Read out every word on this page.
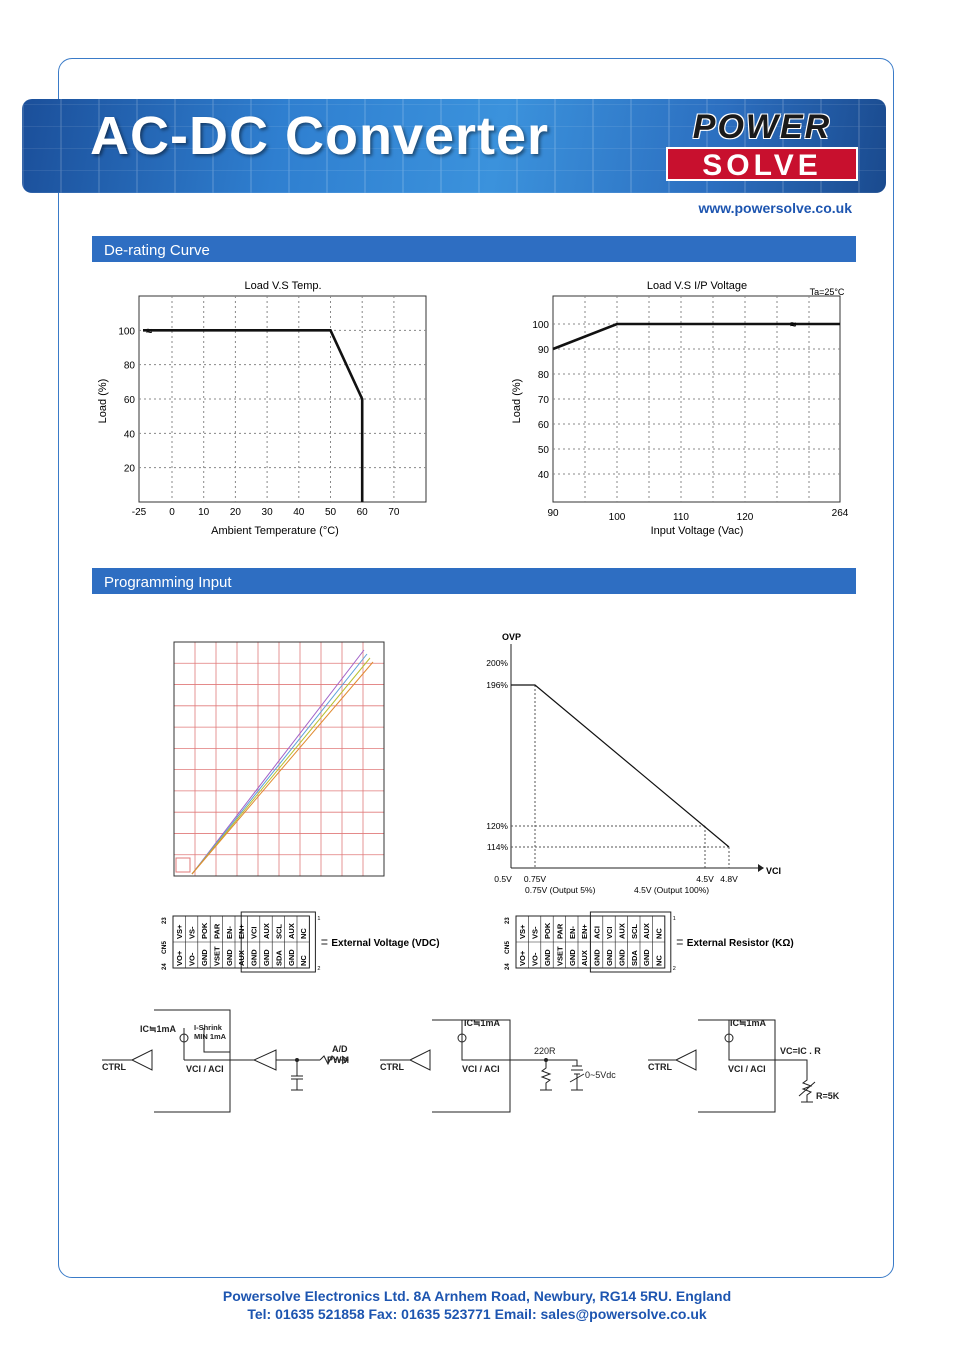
AC-DC Converter	POWER
SOLVE
www.powersolve.co.uk
De-rating Curve
Load V.S Temp.
Ambient Temperature (°C)
Load (%)
-25 0 10 20 30 40 50 60 70
20
40
60
80
100 ≈
Load V.S I/P Voltage	Ta=25°C
Input Voltage (Vac)
Load (%)
90	100	110	120	264
40
50
60
70
80
90
100	≈
Programming Input
OVP
VCI
0.75V (Output 5%)	4.5V (Output 100%)
200%
196%
120%
114%
0.5V 0.75V	4.5V 4.8V
VS+ VS- POK PAR EN- EN+ VCI AUX SCL AUX NC
VO+ VO- GND VSET GND AUX GND GND SDA GND NC
23
CN5
24
1
2
External Voltage (VDC)
VS+ VS- POK PAR EN- EN+ ACI VCI AUX SCL AUX NC
VO+ VO- GND VSET GND AUX GND GND GND SDA GND NC
23
CN5
24
1
2
External Resistor (KΩ)
IC≒1mA I-Shrink
MIN 1mA
CTRL	VCI / ACI
A/D
PWM
IC≒1mA
CTRL	VCI / ACI
220R
0~5Vdc
IC≒1mA
CTRL	VCI / ACI
VC=IC . R
R=5K
Powersolve Electronics Ltd. 8A Arnhem Road, Newbury, RG14 5RU. England
Tel: 01635 521858 Fax: 01635 523771 Email: sales@powersolve.co.uk
